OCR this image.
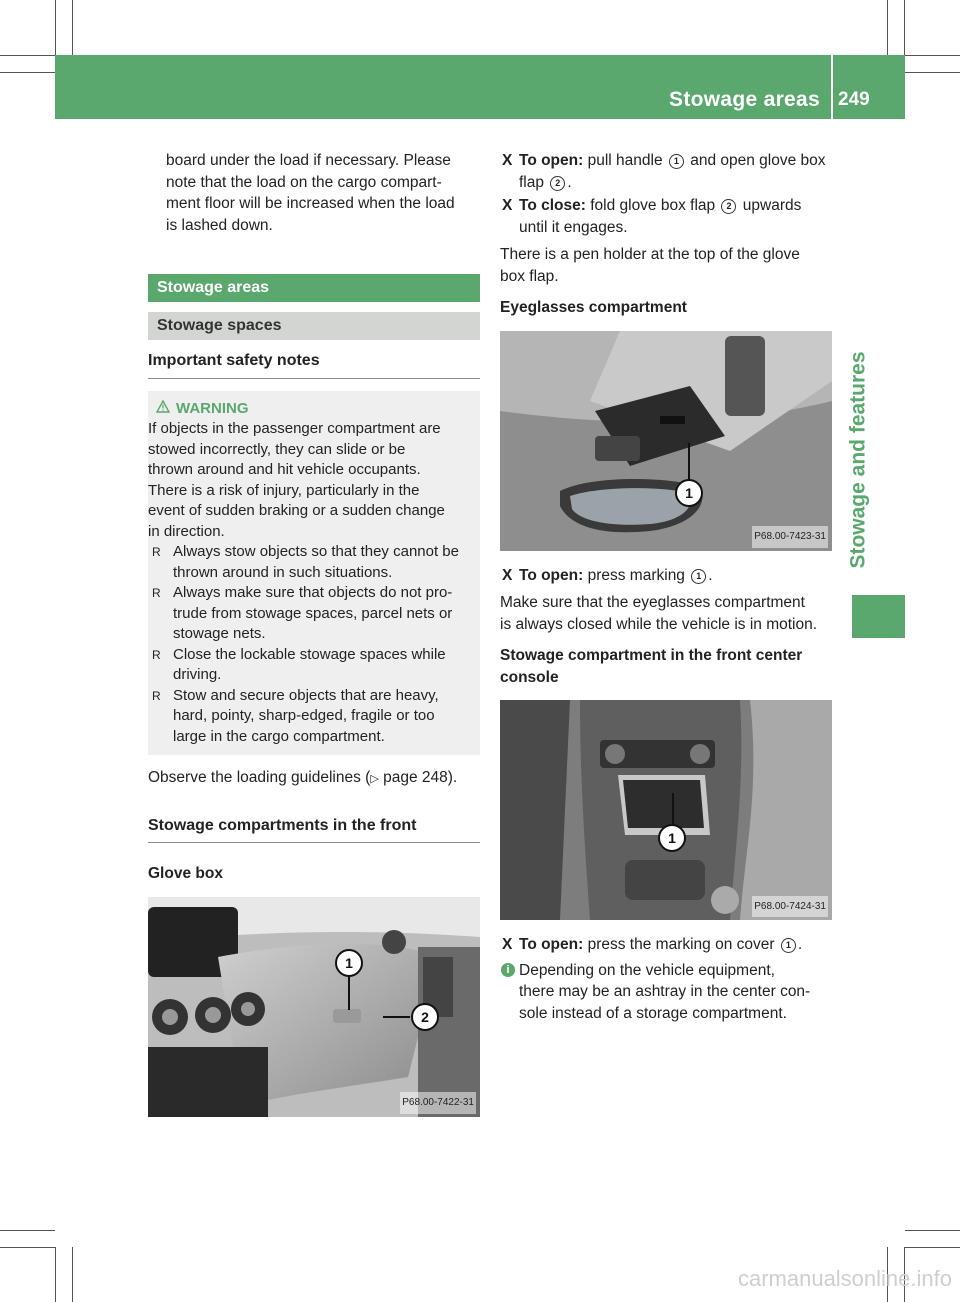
Stowage areas 249
Stowage and features

board under the load if necessary. Please

note that the load on the cargo compart-

ment floor will be increased when the load

is lashed down.

Stowage areas
Stowage spaces
Important safety notes
WARNING

If objects in the passenger compartment are

stowed incorrectly, they can slide or be

thrown around and hit vehicle occupants.

There is a risk of injury, particularly in the

event of sudden braking or a sudden change

in direction.

R Always stow objects so that they cannot be

thrown around in such situations.

R Always make sure that objects do not pro-

trude from stowage spaces, parcel nets or

stowage nets.

R Close the lockable stowage spaces while

driving.

R Stow and secure objects that are heavy,

hard, pointy, sharp-edged, fragile or too

large in the cargo compartment.

Observe the loading guidelines (▷ page 248).

Stowage compartments in the front
Glove box
1
2
P68.00-7422-31
X To open: pull handle 1 and open glove box

flap 2 .

X To close: fold glove box flap 2 upwards

until it engages.

There is a pen holder at the top of the glove

box flap.

Eyeglasses compartment
1
P68.00-7423-31
X To open: press marking 1 .

Make sure that the eyeglasses compartment

is always closed while the vehicle is in motion.

Stowage compartment in the front center

console

1
P68.00-7424-31
X To open: press the marking on cover 1 .

i Depending on the vehicle equipment,

there may be an ashtray in the center con-

sole instead of a storage compartment.

carmanualsonline.info
